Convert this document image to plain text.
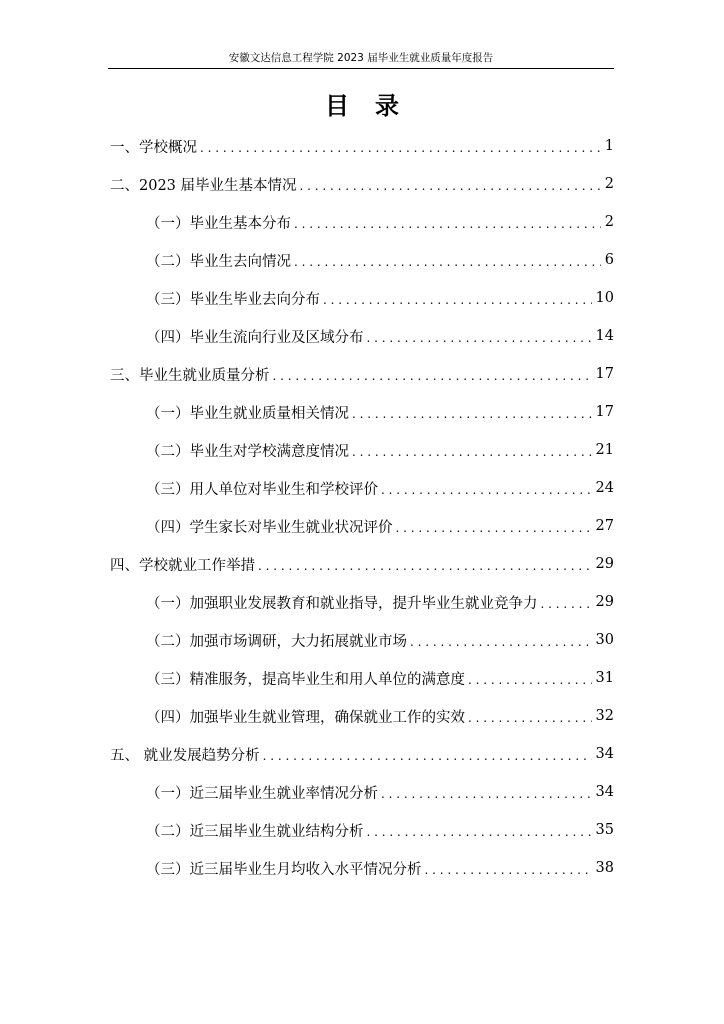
安徽文达信息工程学院 2023 届毕业生就业质量年度报告
目录
一、学校概况 . . .	1
二、2023 届毕业生基本情况 . . .	2
（一）毕业生基本分布 . . .	2
（二）毕业生去向情况 . . .	6
（三）毕业生毕业去向分布 . . .	10
（四）毕业生流向行业及区域分布 . . .	14
三、毕业生就业质量分析 . . .	17
（一）毕业生就业质量相关情况 . . .	17
（二）毕业生对学校满意度情况 . . .	21
（三）用人单位对毕业生和学校评价 . . .	24
（四）学生家长对毕业生就业状况评价 . . .	27
四、学校就业工作举措 . . .	29
（一）加强职业发展教育和就业指导，提升毕业生就业竞争力 . . .	29
（二）加强市场调研，大力拓展就业市场 . . .	30
（三）精准服务，提高毕业生和用人单位的满意度 . . .	31
（四）加强毕业生就业管理，确保就业工作的实效 . . .	32
五、 就业发展趋势分析 . . .	34
（一）近三届毕业生就业率情况分析 . . .	34
（二）近三届毕业生就业结构分析 . . .	35
（三）近三届毕业生月均收入水平情况分析 . . .	38
